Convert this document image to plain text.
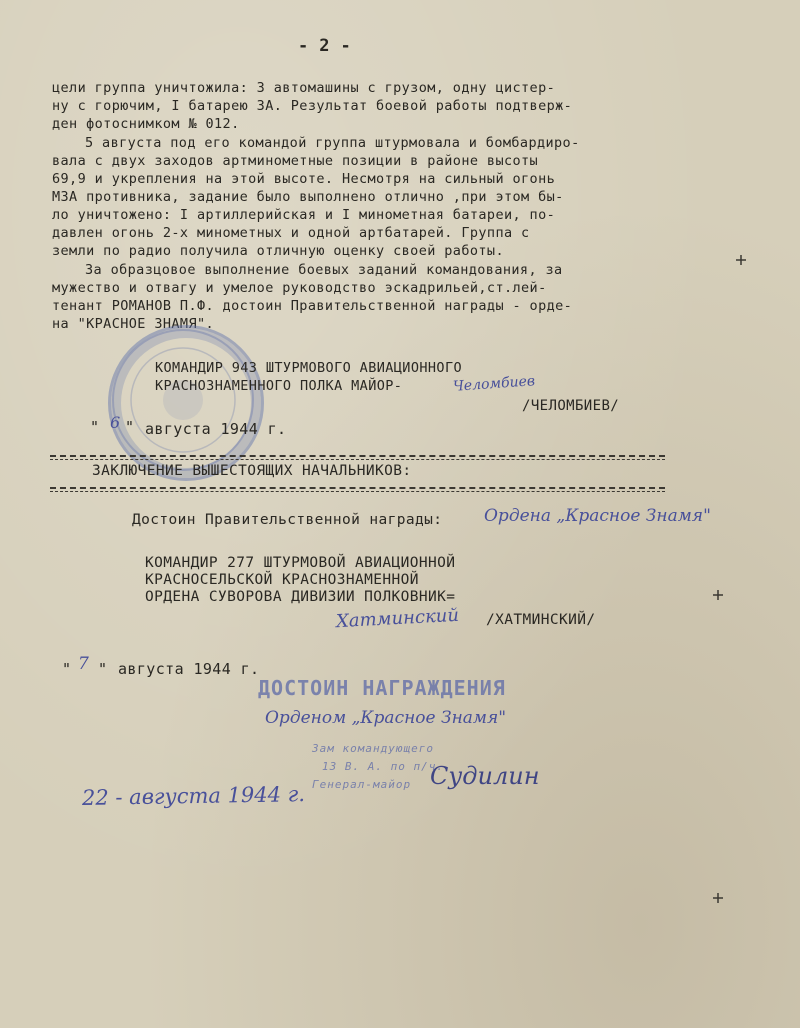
- 2 -
цели группа уничтожила: 3 автомашины с грузом, одну цистер-
ну с горючим, I батарею ЗА. Результат боевой работы подтверж-
ден фотоснимком № 012.
5 августа под его командой группа штурмовала и бомбардиро-
вала с двух заходов артминометные позиции в районе высоты
69,9 и укрепления на этой высоте. Несмотря на сильный огонь
МЗА противника, задание было выполнено отлично ,при этом бы-
ло уничтожено: I артиллерийская и I минометная батареи, по-
давлен огонь 2-х минометных и одной артбатарей. Группа с
земли по радио получила отличную оценку своей работы.
За образцовое выполнение боевых заданий командования, за
мужество и отвагу и умелое руководство эскадрильей,ст.лей-
тенант РОМАНОВ П.Ф. достоин Правительственной награды - орде-
на "КРАСНОЕ ЗНАМЯ".
КОМАНДИР 943 ШТУРМОВОГО АВИАЦИОННОГО
КРАСНОЗНАМЕННОГО ПОЛКА МАЙОР-	Челомбиев
/ЧЕЛОМБИЕВ/
" 6 " августа 1944 г.
ЗАКЛЮЧЕНИЕ ВЫШЕСТОЯЩИХ НАЧАЛЬНИКОВ:
Достоин Правительственной награды: Ордена „Красное Знамя"
КОМАНДИР 277 ШТУРМОВОЙ АВИАЦИОННОЙ
КРАСНОСЕЛЬСКОЙ КРАСНОЗНАМЕННОЙ
ОРДЕНА СУВОРОВА ДИВИЗИИ ПОЛКОВНИК=
Хатминский /ХАТМИНСКИЙ/
" 7 " августа 1944 г.
ДОСТОИН НАГРАЖДЕНИЯ
Орденом „Красное Знамя"
Зам командующего
13 В. А. по п/ч.
Генерал-майор Судилин
22 - августа 1944 г.
